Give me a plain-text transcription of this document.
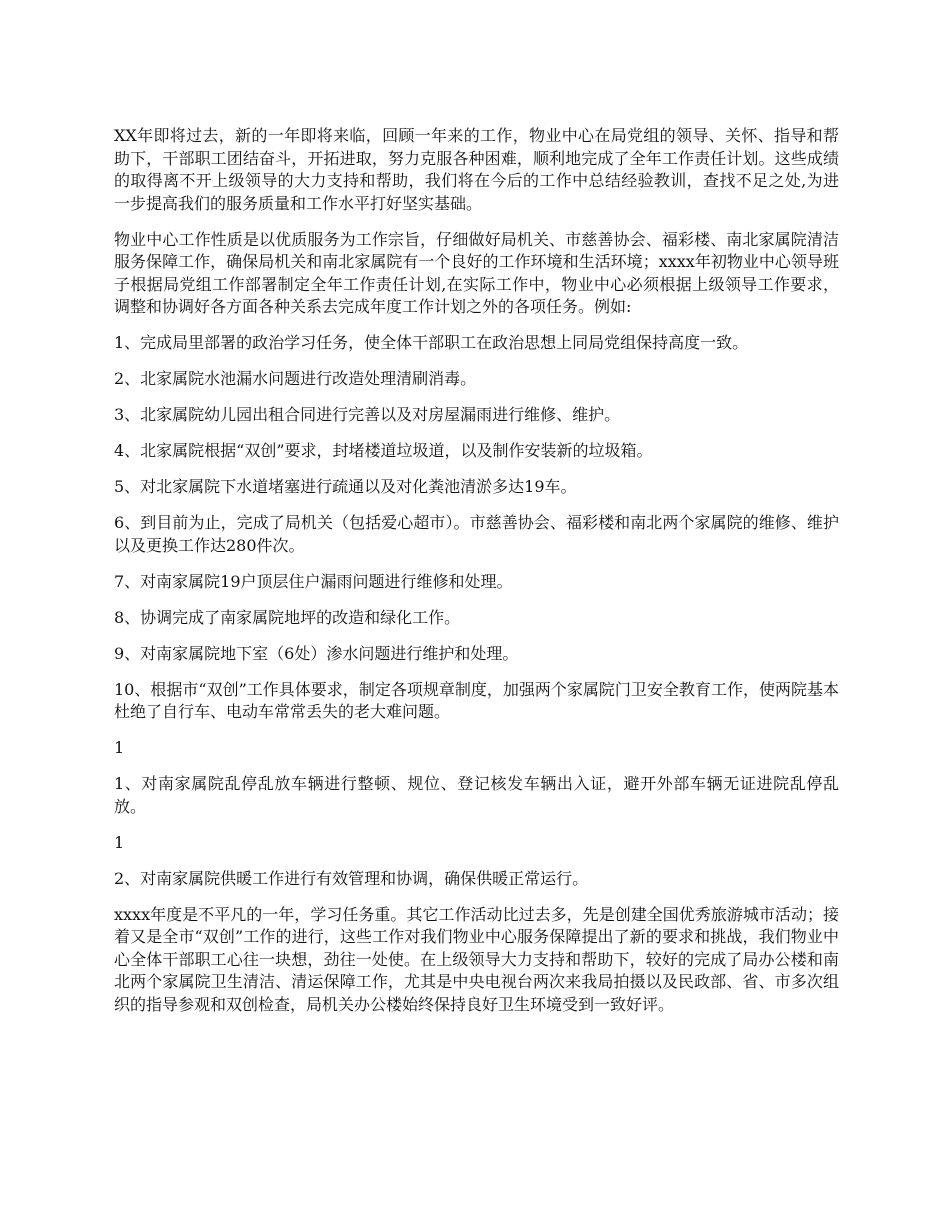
XX年即将过去，新的一年即将来临，回顾一年来的工作，物业中心在局党组的领导、关怀、指导和帮助下，干部职工团结奋斗，开拓进取，努力克服各种困难，顺利地完成了全年工作责任计划。这些成绩的取得离不开上级领导的大力支持和帮助，我们将在今后的工作中总结经验教训，查找不足之处,为进一步提高我们的服务质量和工作水平打好坚实基础。

物业中心工作性质是以优质服务为工作宗旨，仔细做好局机关、市慈善协会、福彩楼、南北家属院清洁服务保障工作，确保局机关和南北家属院有一个良好的工作环境和生活环境；xxxx年初物业中心领导班子根据局党组工作部署制定全年工作责任计划,在实际工作中，物业中心必须根据上级领导工作要求，调整和协调好各方面各种关系去完成年度工作计划之外的各项任务。例如:

1、完成局里部署的政治学习任务，使全体干部职工在政治思想上同局党组保持高度一致。

2、北家属院水池漏水问题进行改造处理清刷消毒。

3、北家属院幼儿园出租合同进行完善以及对房屋漏雨进行维修、维护。

4、北家属院根据“双创”要求，封堵楼道垃圾道，以及制作安装新的垃圾箱。

5、对北家属院下水道堵塞进行疏通以及对化粪池清淤多达19车。

6、到目前为止，完成了局机关（包括爱心超市）。市慈善协会、福彩楼和南北两个家属院的维修、维护以及更换工作达280件次。

7、对南家属院19户顶层住户漏雨问题进行维修和处理。

8、协调完成了南家属院地坪的改造和绿化工作。

9、对南家属院地下室（6处）渗水问题进行维护和处理。

10、根据市“双创”工作具体要求，制定各项规章制度，加强两个家属院门卫安全教育工作，使两院基本杜绝了自行车、电动车常常丢失的老大难问题。

1

1、对南家属院乱停乱放车辆进行整顿、规位、登记核发车辆出入证，避开外部车辆无证进院乱停乱放。

1

2、对南家属院供暖工作进行有效管理和协调，确保供暖正常运行。

xxxx年度是不平凡的一年，学习任务重。其它工作活动比过去多，先是创建全国优秀旅游城市活动；接着又是全市“双创”工作的进行，这些工作对我们物业中心服务保障提出了新的要求和挑战，我们物业中心全体干部职工心往一块想，劲往一处使。在上级领导大力支持和帮助下，较好的完成了局办公楼和南北两个家属院卫生清洁、清运保障工作，尤其是中央电视台两次来我局拍摄以及民政部、省、市多次组织的指导参观和双创检查，局机关办公楼始终保持良好卫生环境受到一致好评。
